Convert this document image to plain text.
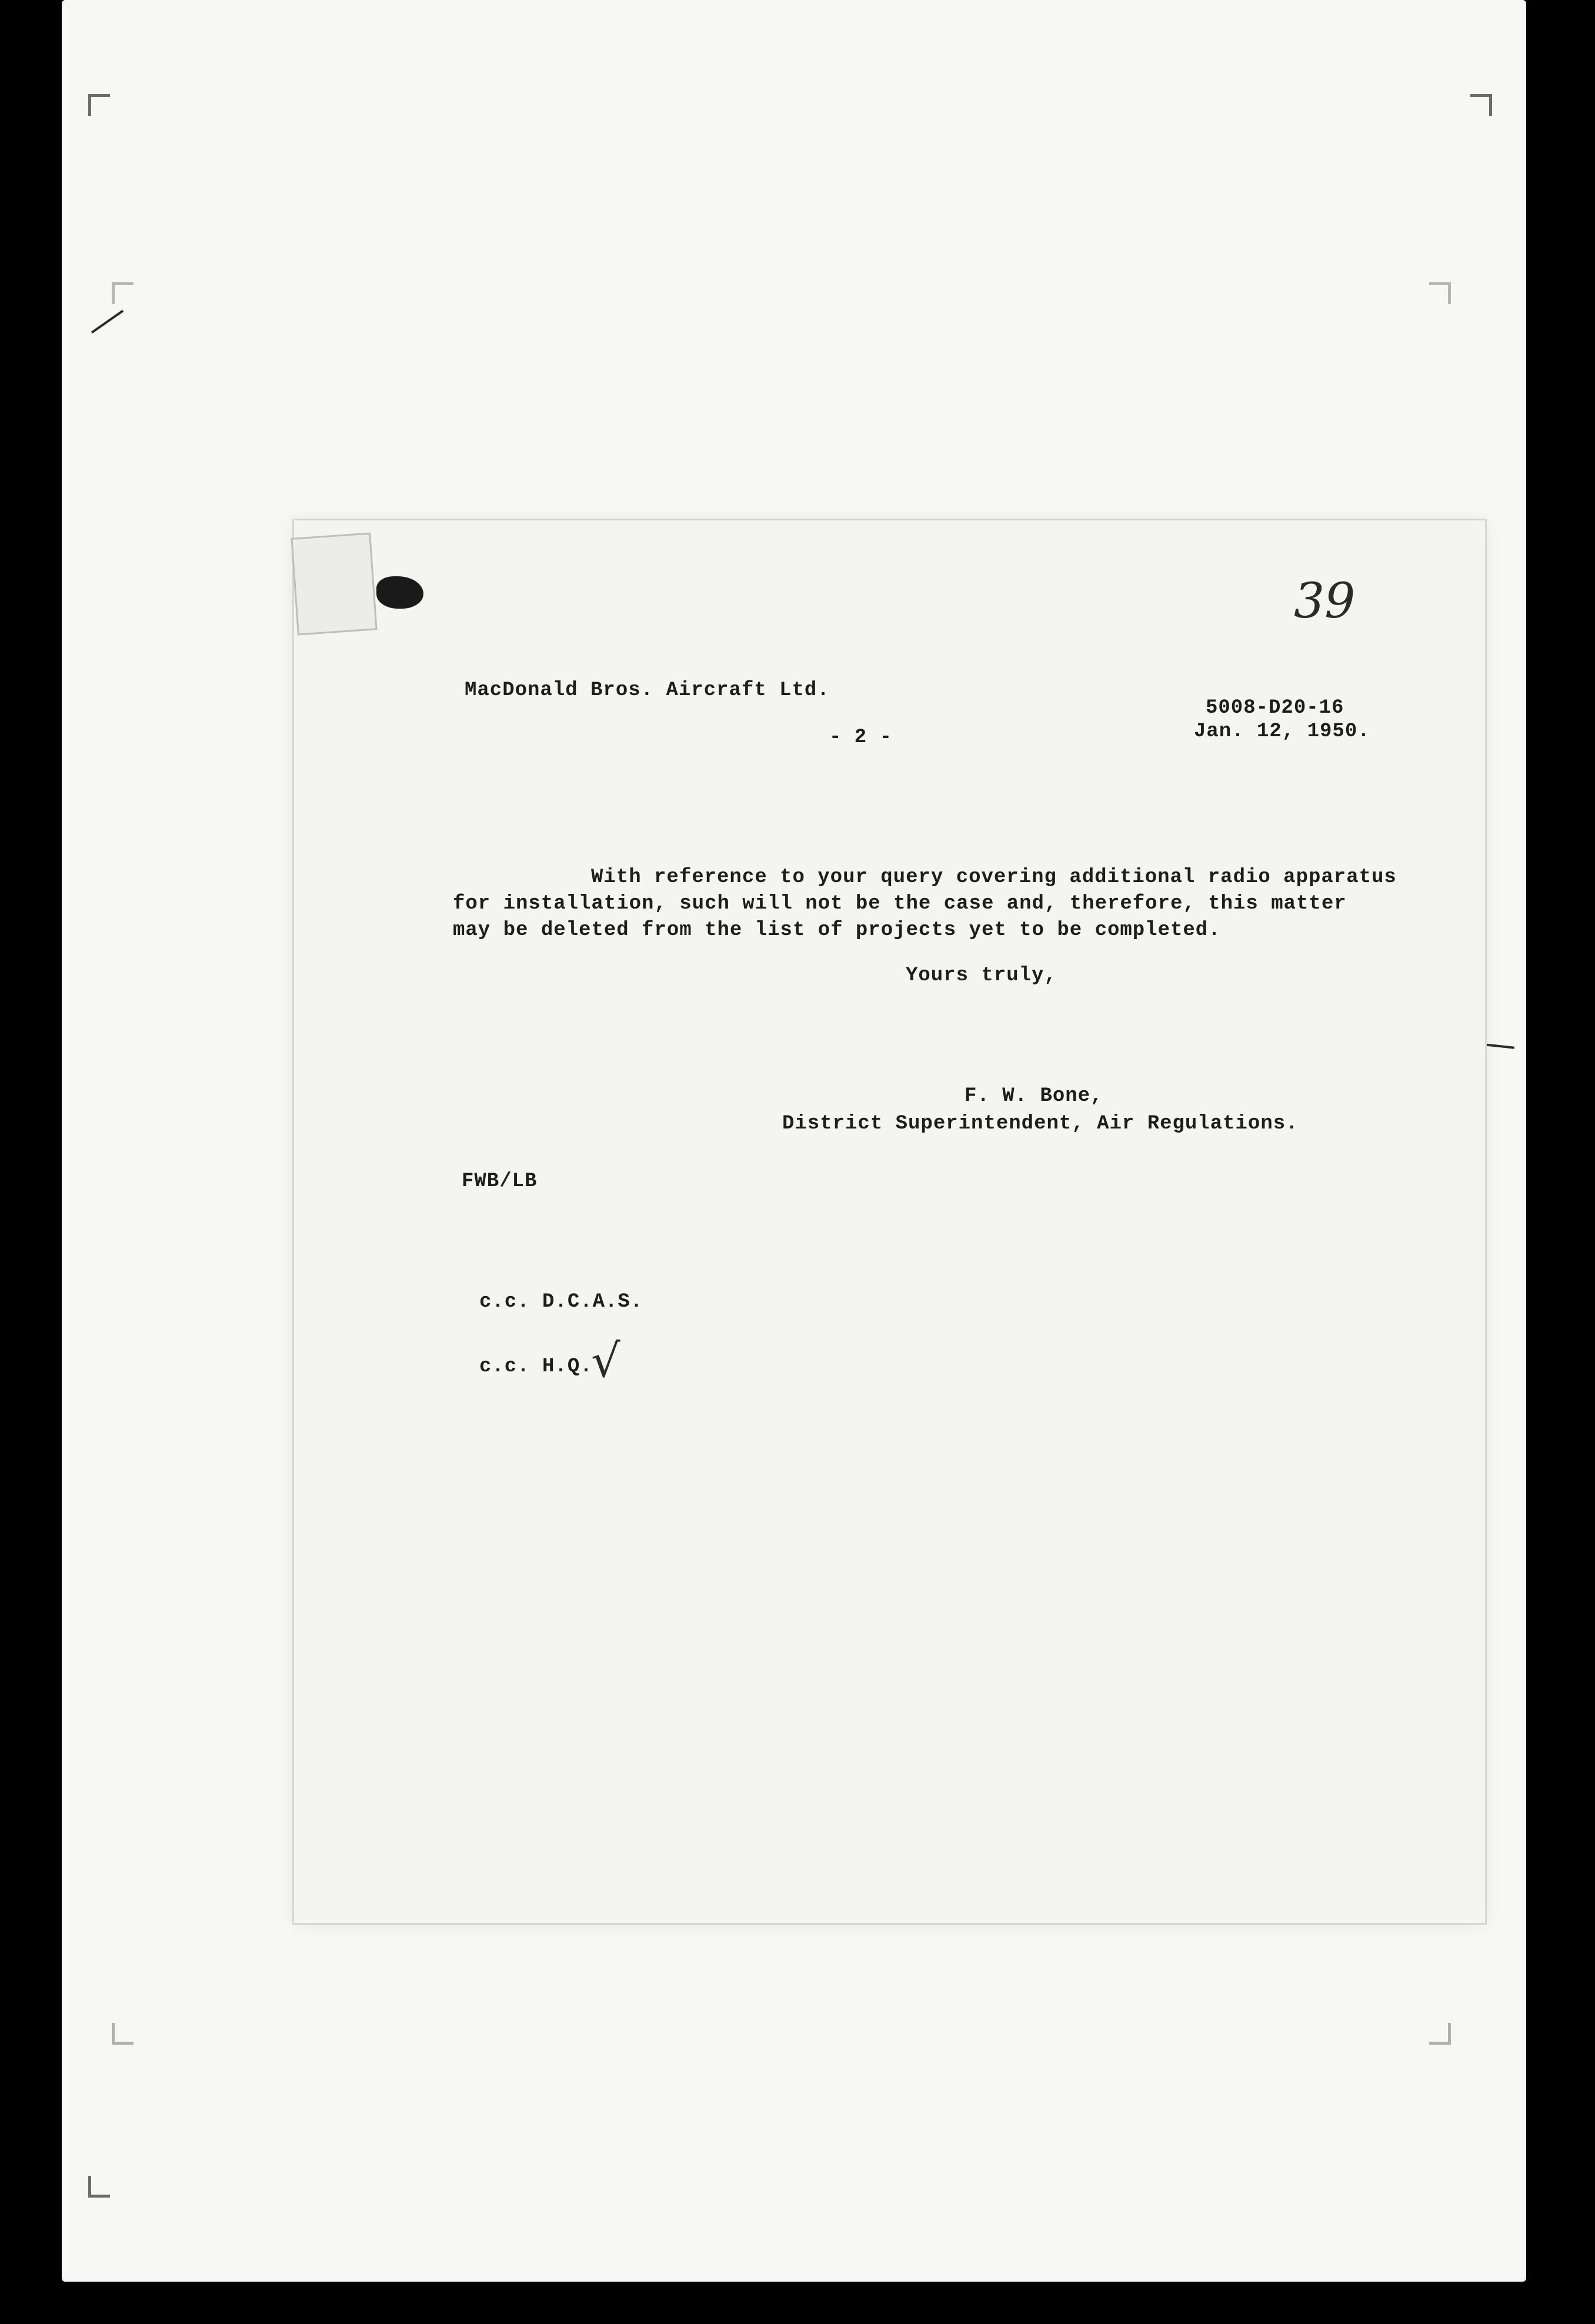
39
MacDonald Bros. Aircraft Ltd.
5008-D20-16
- 2 -	Jan. 12, 1950.
With reference to your query covering additional radio apparatus
for installation, such will not be the case and, therefore, this matter
may be deleted from the list of projects yet to be completed.
Yours truly,
F. W. Bone,
District Superintendent, Air Regulations.
FWB/LB
c.c. D.C.A.S.
c.c. H.Q.
√
